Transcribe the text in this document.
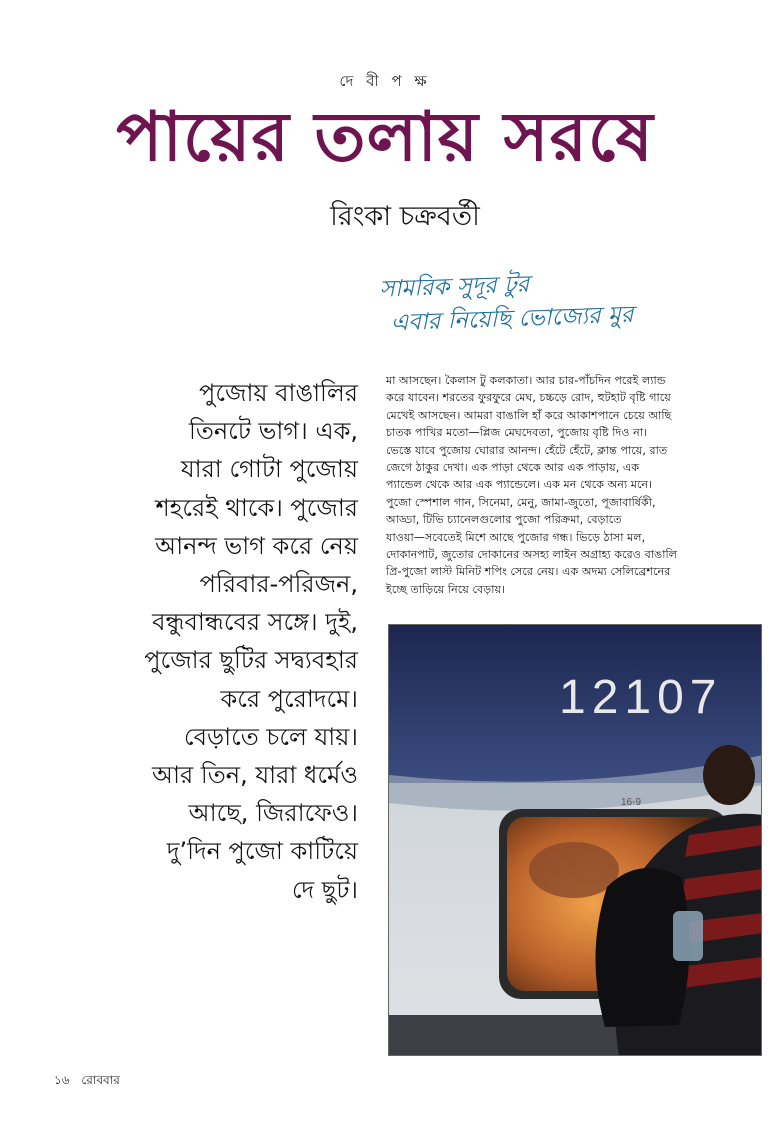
দে বী প ক্ষ
পায়ের তলায় সরষে
রিংকা চক্রবর্তী
সামরিক সুদূর টুর
এবার নিয়েছি ভোজ্যের মুর
পুজোয় বাঙালির
তিনটে ভাগ। এক,
যারা গোটা পুজোয়
শহরেই থাকে। পুজোর
আনন্দ ভাগ করে নেয়
পরিবার-পরিজন,
বন্ধুবান্ধবের সঙ্গে। দুই,
পুজোর ছুটির সদ্ব্যবহার
করে পুরোদমে।
বেড়াতে চলে যায়।
আর তিন, যারা ধর্মেও
আছে, জিরাফেও।
দু’দিন পুজো কাটিয়ে
দে ছুট।
মা আসছেন। কৈলাস টু কলকাতা। আর চার-পাঁচদিন পরেই ল্যান্ড
করে যাবেন। শরতের ফুরফুরে মেঘ, চচ্চড়ে রোদ, হুটহাট বৃষ্টি গায়ে
মেখেই আসছেন। আমরা বাঙালি হাঁ করে আকাশপানে চেয়ে আছি
চাতক পাখির মতো—প্লিজ মেঘদেবতা, পুজোয় বৃষ্টি দিও না।
ভেস্তে যাবে পুজোয় ঘোরার আনন্দ। হেঁটে হেঁটে, ক্লান্ত পায়ে, রাত
জেগে ঠাকুর দেখা। এক পাড়া থেকে আর এক পাড়ায়, এক
প্যান্ডেল থেকে আর এক প্যান্ডেলে। এক মন থেকে অন্য মনে।
পুজো স্পেশাল গান, সিনেমা, মেনু, জামা-জুতো, পূজাবার্ষিকী,
আড্ডা, টিভি চ্যানেলগুলোর পুজো পরিক্রমা, বেড়াতে
যাওয়া—সবেতেই মিশে আছে পুজোর গন্ধ। ভিড়ে ঠাসা মল,
দোকানপাট, জুতোর দোকানের অসহ্য লাইন অগ্রাহ্য করেও বাঙালি
প্রি-পুজো লাস্ট মিনিট শপিং সেরে নেয়। এক অদম্য সেলিব্রেশনের
ইচ্ছে তাড়িয়ে নিয়ে বেড়ায়।
12107
16-9
১৬ রোববার
